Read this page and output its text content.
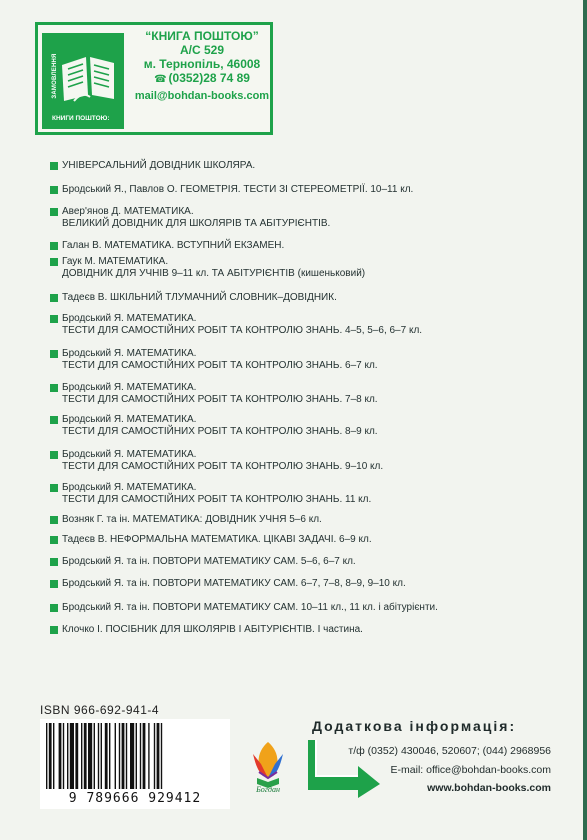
ЗАМОВЛЕННЯ
КНИГИ ПОШТОЮ:
“КНИГА ПОШТОЮ”
А/С 529
м. Тернопіль, 46008
☎ (0352)28 74 89
mail@bohdan-books.com
УНІВЕРСАЛЬНИЙ ДОВІДНИК ШКОЛЯРА.
Бродський Я., Павлов О. ГЕОМЕТРІЯ. ТЕСТИ ЗІ СТЕРЕОМЕТРІЇ. 10–11 кл.
Авер'янов Д. МАТЕМАТИКА.
ВЕЛИКИЙ ДОВІДНИК ДЛЯ ШКОЛЯРІВ ТА АБІТУРІЄНТІВ.
Галан В. МАТЕМАТИКА. ВСТУПНИЙ ЕКЗАМЕН.
Гаук М. МАТЕМАТИКА.
ДОВІДНИК ДЛЯ УЧНІВ 9–11 кл. ТА АБІТУРІЄНТІВ (кишеньковий)
Тадеєв В. ШКІЛЬНИЙ ТЛУМАЧНИЙ СЛОВНИК–ДОВІДНИК.
Бродський Я. МАТЕМАТИКА.
ТЕСТИ ДЛЯ САМОСТІЙНИХ РОБІТ ТА КОНТРОЛЮ ЗНАНЬ. 4–5, 5–6, 6–7 кл.
Бродський Я. МАТЕМАТИКА.
ТЕСТИ ДЛЯ САМОСТІЙНИХ РОБІТ ТА КОНТРОЛЮ ЗНАНЬ. 6–7 кл.
Бродський Я. МАТЕМАТИКА.
ТЕСТИ ДЛЯ САМОСТІЙНИХ РОБІТ ТА КОНТРОЛЮ ЗНАНЬ. 7–8 кл.
Бродський Я. МАТЕМАТИКА.
ТЕСТИ ДЛЯ САМОСТІЙНИХ РОБІТ ТА КОНТРОЛЮ ЗНАНЬ. 8–9 кл.
Бродський Я. МАТЕМАТИКА.
ТЕСТИ ДЛЯ САМОСТІЙНИХ РОБІТ ТА КОНТРОЛЮ ЗНАНЬ. 9–10 кл.
Бродський Я. МАТЕМАТИКА.
ТЕСТИ ДЛЯ САМОСТІЙНИХ РОБІТ ТА КОНТРОЛЮ ЗНАНЬ. 11 кл.
Возняк Г. та ін. МАТЕМАТИКА: ДОВІДНИК УЧНЯ 5–6 кл.
Тадеєв В. НЕФОРМАЛЬНА МАТЕМАТИКА. ЦІКАВІ ЗАДАЧІ. 6–9 кл.
Бродський Я. та ін. ПОВТОРИ МАТЕМАТИКУ САМ. 5–6, 6–7 кл.
Бродський Я. та ін. ПОВТОРИ МАТЕМАТИКУ САМ. 6–7, 7–8, 8–9, 9–10 кл.
Бродський Я. та ін. ПОВТОРИ МАТЕМАТИКУ САМ. 10–11 кл., 11 кл. і абітурієнти.
Клочко І. ПОСІБНИК ДЛЯ ШКОЛЯРІВ І АБІТУРІЄНТІВ. І частина.
ISBN 966-692-941-4
9 789666 929412
Богдан
Додаткова інформація:
т/ф (0352) 430046, 520607; (044) 2968956
E-mail: office@bohdan-books.com
www.bohdan-books.com
